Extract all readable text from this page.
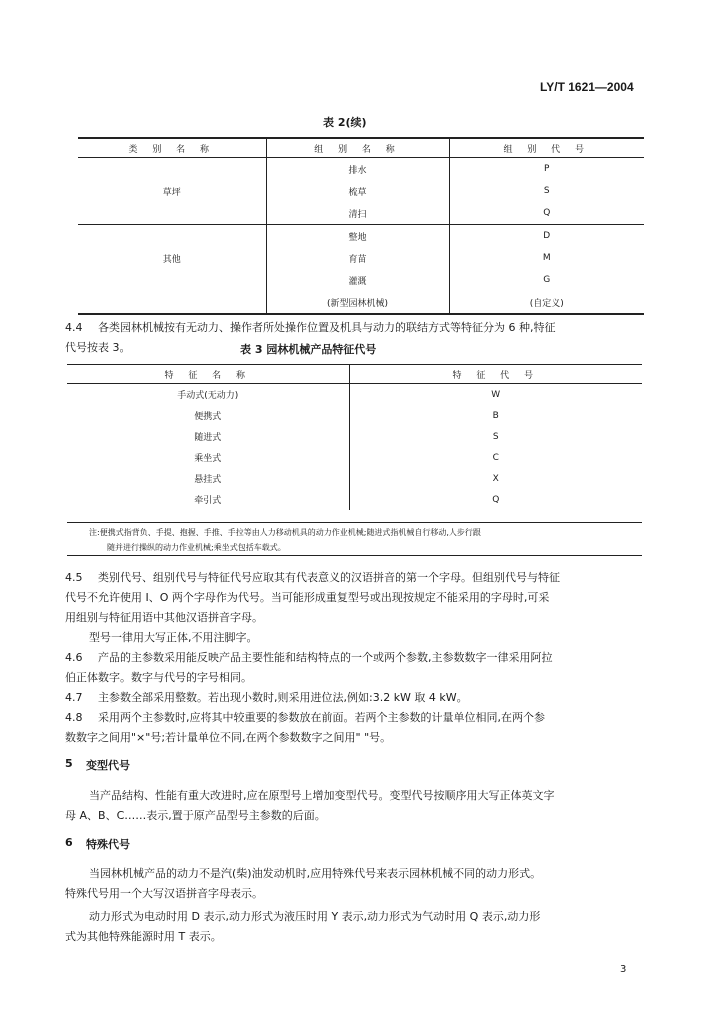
LY/T 1621—2004
表 2(续)
类 别 名 称	组 别 名 称	组 别 代 号
草坪	排水	P
	梳草	S
	清扫	Q
其他	整地	D
	育苗	M
	灌溉	G
	(新型园林机械)	(自定义)
4.4 各类园林机械按有无动力、操作者所处操作位置及机具与动力的联结方式等特征分为 6 种,特征
代号按表 3。	表 3 园林机械产品特征代号
特 征 名 称	特 征 代 号
手动式(无动力)	W
便携式	B
随进式	S
乘坐式	C
悬挂式	X
牵引式	Q
注:便携式指背负、手提、抱握、手推、手拉等由人力移动机具的动力作业机械;随进式指机械自行移动,人步行跟
随并进行操纵的动力作业机械;乘坐式包括车载式。
4.5 类别代号、组别代号与特征代号应取其有代表意义的汉语拼音的第一个字母。但组别代号与特征
代号不允许使用 I、O 两个字母作为代号。当可能形成重复型号或出现按规定不能采用的字母时,可采
用组别与特征用语中其他汉语拼音字母。
型号一律用大写正体,不用注脚字。
4.6 产品的主参数采用能反映产品主要性能和结构特点的一个或两个参数,主参数数字一律采用阿拉
伯正体数字。数字与代号的字号相同。
4.7 主参数全部采用整数。若出现小数时,则采用进位法,例如:3.2 kW 取 4 kW。
4.8 采用两个主参数时,应将其中较重要的参数放在前面。若两个主参数的计量单位相同,在两个参
数数字之间用"×"号;若计量单位不同,在两个参数数字之间用" "号。
5 变型代号
当产品结构、性能有重大改进时,应在原型号上增加变型代号。变型代号按顺序用大写正体英文字
母 A、B、C……表示,置于原产品型号主参数的后面。
6 特殊代号
当园林机械产品的动力不是汽(柴)油发动机时,应用特殊代号来表示园林机械不同的动力形式。
特殊代号用一个大写汉语拼音字母表示。
动力形式为电动时用 D 表示,动力形式为液压时用 Y 表示,动力形式为气动时用 Q 表示,动力形
式为其他特殊能源时用 T 表示。
3
